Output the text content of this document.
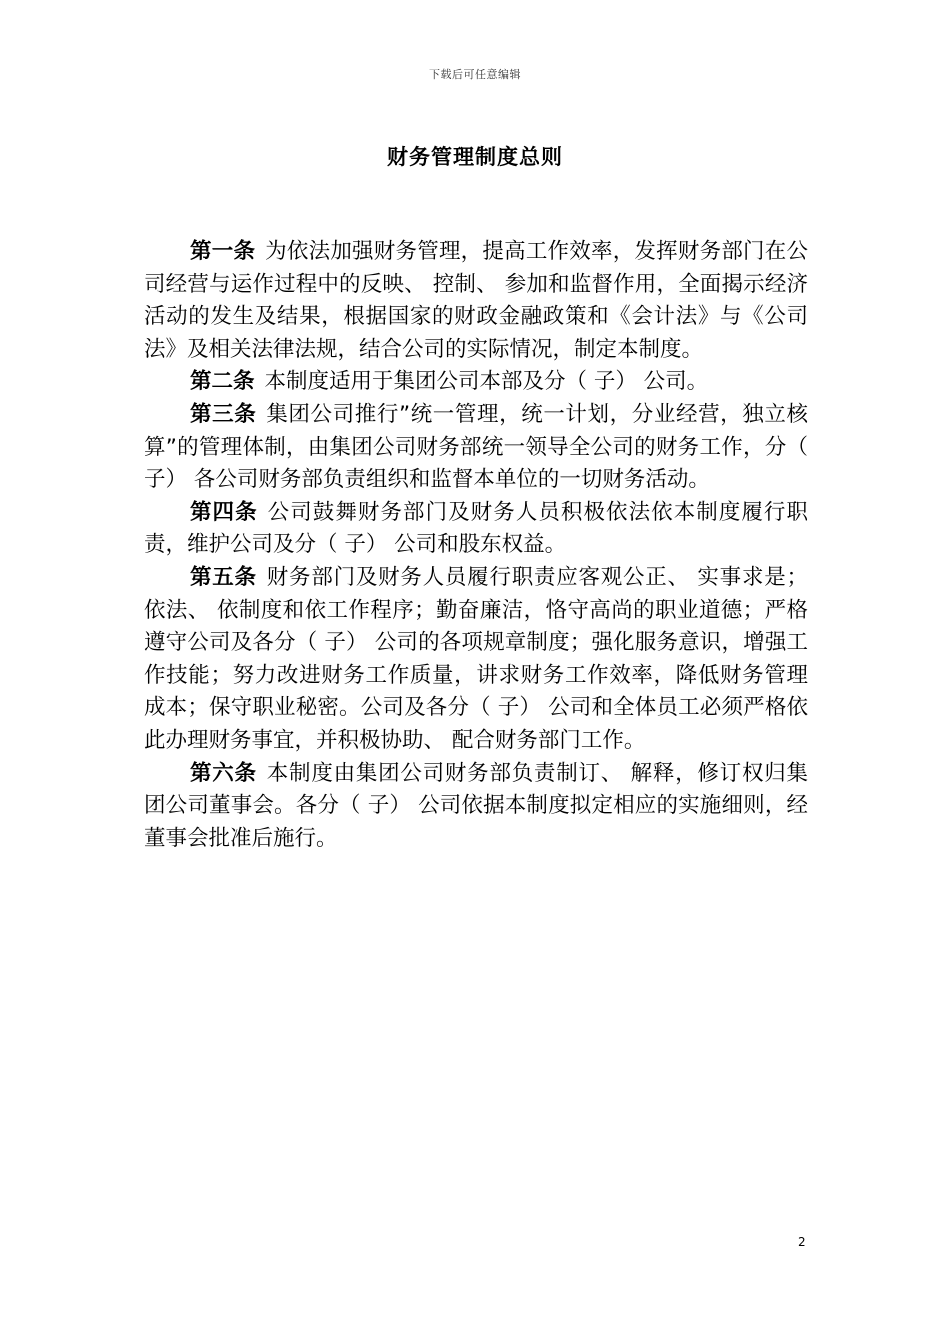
下载后可任意编辑
财务管理制度总则

第一条 为依法加强财务管理，提高工作效率，发挥财务部门在公司经营与运作过程中的反映、 控制、 参加和监督作用，全面揭示经济活动的发生及结果，根据国家的财政金融政策和《会计法》与《公司法》及相关法律法规，结合公司的实际情况，制定本制度。

第二条 本制度适用于集团公司本部及分（ 子） 公司。

第三条 集团公司推行”统一管理，统一计划，分业经营，独立核算”的管理体制，由集团公司财务部统一领导全公司的财务工作，分（ 子） 各公司财务部负责组织和监督本单位的一切财务活动。

第四条 公司鼓舞财务部门及财务人员积极依法依本制度履行职责，维护公司及分（ 子） 公司和股东权益。

第五条 财务部门及财务人员履行职责应客观公正、 实事求是；依法、 依制度和依工作程序；勤奋廉洁，恪守高尚的职业道德；严格遵守公司及各分（ 子） 公司的各项规章制度；强化服务意识，增强工作技能；努力改进财务工作质量，讲求财务工作效率，降低财务管理成本；保守职业秘密。公司及各分（ 子） 公司和全体员工必须严格依此办理财务事宜，并积极协助、 配合财务部门工作。

第六条 本制度由集团公司财务部负责制订、 解释，修订权归集团公司董事会。各分（ 子） 公司依据本制度拟定相应的实施细则，经董事会批准后施行。

2
